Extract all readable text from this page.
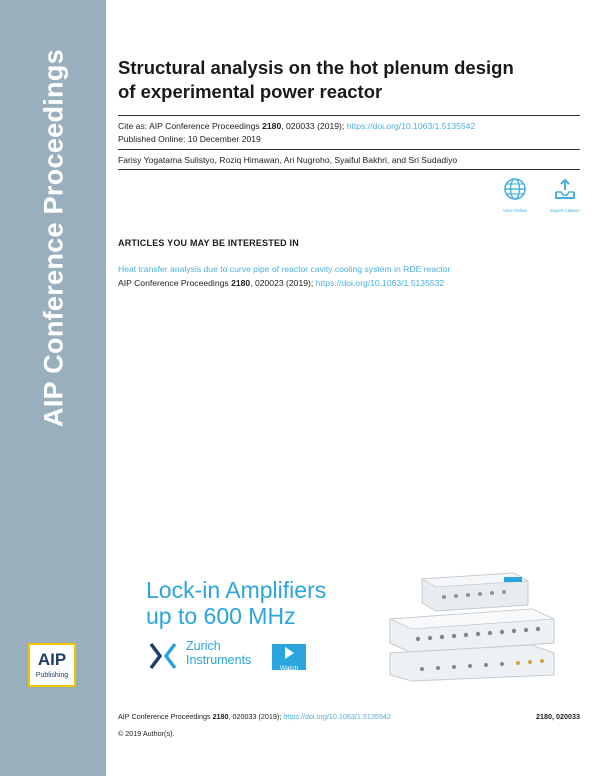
AIP Conference Proceedings
AIP
Publishing
Structural analysis on the hot plenum design
of experimental power reactor
Cite as: AIP Conference Proceedings 2180, 020033 (2019); https://doi.org/10.1063/1.5135542
Published Online: 10 December 2019
Farisy Yogatama Sulistyo, Roziq Himawan, Ari Nugroho, Syaiful Bakhri, and Sri Sudadiyo
View Online	Export Citation
ARTICLES YOU MAY BE INTERESTED IN
Heat transfer analysis due to curve pipe of reactor cavity cooling system in RDE reactor
AIP Conference Proceedings 2180, 020023 (2019); https://doi.org/10.1063/1.5135532
Lock-in Amplifiers
up to 600 MHz
Zurich
Instruments
Watch
AIP Conference Proceedings 2180, 020033 (2019); https://doi.org/10.1063/1.5135542	2180, 020033
© 2019 Author(s).
